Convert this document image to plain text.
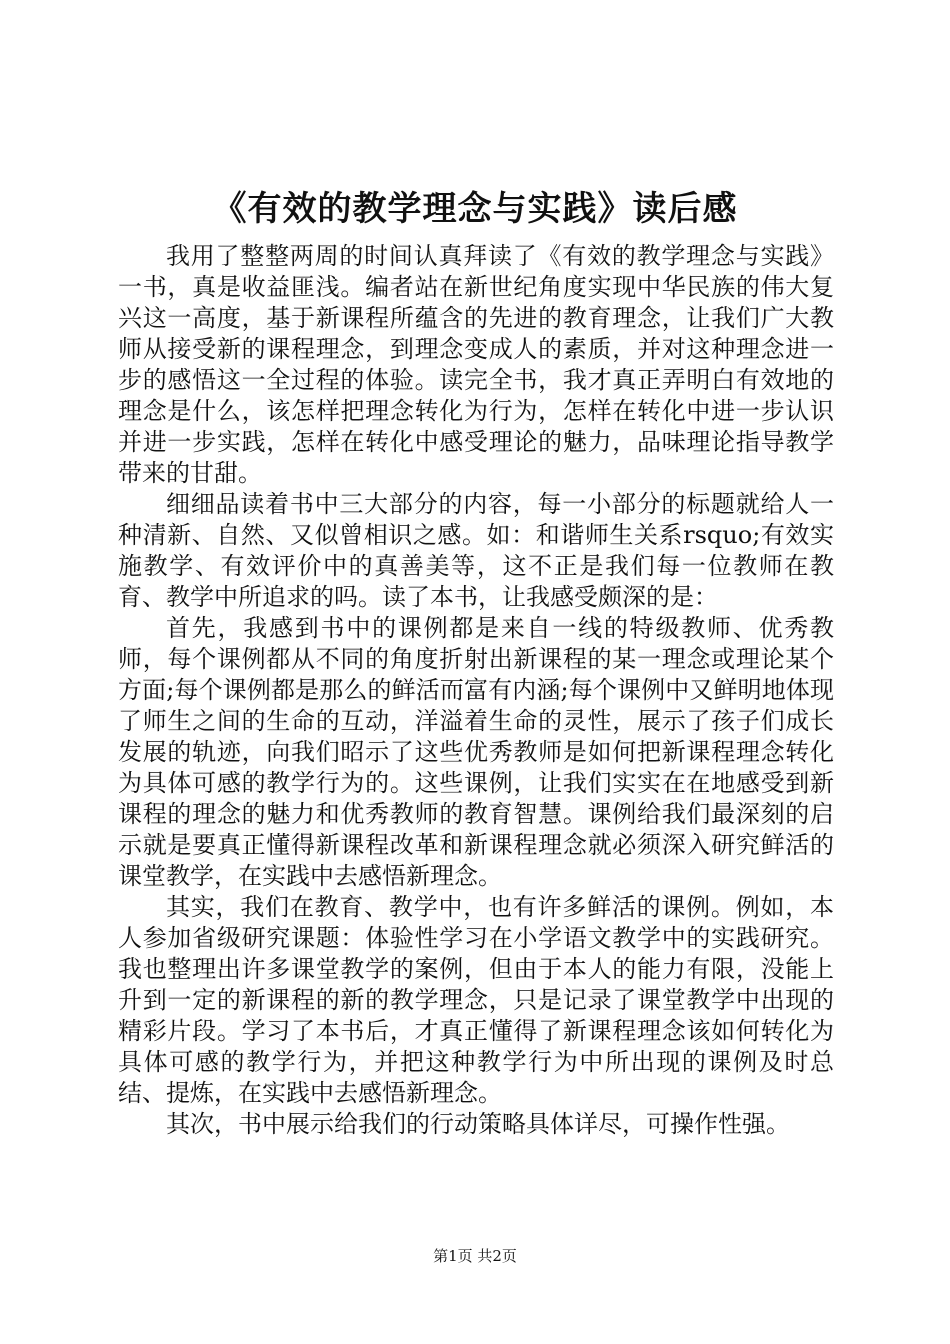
《有效的教学理念与实践》读后感

我用了整整两周的时间认真拜读了《有效的教学理念与实践》一书，真是收益匪浅。编者站在新世纪角度实现中华民族的伟大复兴这一高度，基于新课程所蕴含的先进的教育理念，让我们广大教师从接受新的课程理念，到理念变成人的素质，并对这种理念进一步的感悟这一全过程的体验。读完全书，我才真正弄明白有效地的理念是什么，该怎样把理念转化为行为，怎样在转化中进一步认识并进一步实践，怎样在转化中感受理论的魅力，品味理论指导教学带来的甘甜。

细细品读着书中三大部分的内容，每一小部分的标题就给人一种清新、自然、又似曾相识之感。如：和谐师生关系rsquo;有效实施教学、有效评价中的真善美等，这不正是我们每一位教师在教育、教学中所追求的吗。读了本书，让我感受颇深的是：

首先，我感到书中的课例都是来自一线的特级教师、优秀教师，每个课例都从不同的角度折射出新课程的某一理念或理论某个方面;每个课例都是那么的鲜活而富有内涵;每个课例中又鲜明地体现了师生之间的生命的互动，洋溢着生命的灵性，展示了孩子们成长发展的轨迹，向我们昭示了这些优秀教师是如何把新课程理念转化为具体可感的教学行为的。这些课例，让我们实实在在地感受到新课程的理念的魅力和优秀教师的教育智慧。课例给我们最深刻的启示就是要真正懂得新课程改革和新课程理念就必须深入研究鲜活的课堂教学，在实践中去感悟新理念。

其实，我们在教育、教学中，也有许多鲜活的课例。例如，本人参加省级研究课题：体验性学习在小学语文教学中的实践研究。我也整理出许多课堂教学的案例，但由于本人的能力有限，没能上升到一定的新课程的新的教学理念，只是记录了课堂教学中出现的精彩片段。学习了本书后，才真正懂得了新课程理念该如何转化为具体可感的教学行为，并把这种教学行为中所出现的课例及时总结、提炼，在实践中去感悟新理念。

其次，书中展示给我们的行动策略具体详尽，可操作性强。

第1页 共2页
